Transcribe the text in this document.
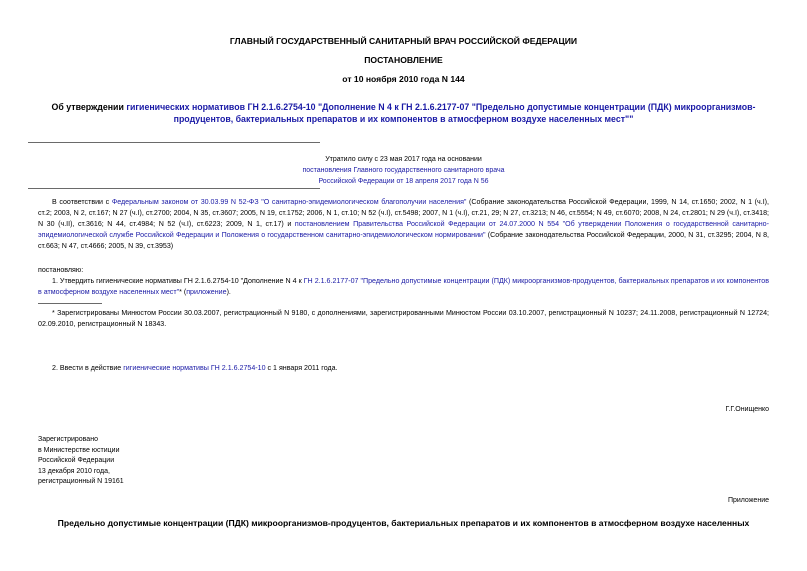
ГЛАВНЫЙ ГОСУДАРСТВЕННЫЙ САНИТАРНЫЙ ВРАЧ РОССИЙСКОЙ ФЕДЕРАЦИИ
ПОСТАНОВЛЕНИЕ
от 10 ноября 2010 года N 144
Об утверждении гигиенических нормативов ГН 2.1.6.2754-10 "Дополнение N 4 к ГН 2.1.6.2177-07 "Предельно допустимые концентрации (ПДК) микроорганизмов-
продуцентов, бактериальных препаратов и их компонентов в атмосферном воздухе населенных мест""
Утратило силу с 23 мая 2017 года на основании
постановления Главного государственного санитарного врача
Российской Федерации от 18 апреля 2017 года N 56
В соответствии с Федеральным законом от 30.03.99 N 52-ФЗ "О санитарно-эпидемиологическом благополучии населения" (Собрание законодательства Российской Федерации, 1999, N 14, ст.1650; 2002, N 1 (ч.I), ст.2; 2003, N 2, ст.167; N 27 (ч.I), ст.2700; 2004, N 35, ст.3607; 2005, N 19, ст.1752; 2006, N 1, ст.10; N 52 (ч.I), ст.5498; 2007, N 1 (ч.I), ст.21, 29; N 27, ст.3213; N 46, ст.5554; N 49, ст.6070; 2008, N 24, ст.2801; N 29 (ч.I), ст.3418; N 30 (ч.II), ст.3616; N 44, ст.4984; N 52 (ч.I), ст.6223; 2009, N 1, ст.17) и постановлением Правительства Российской Федерации от 24.07.2000 N 554 "Об утверждении Положения о государственной санитарно-эпидемиологической службе Российской Федерации и Положения о государственном санитарно-эпидемиологическом нормировании" (Собрание законодательства Российской Федерации, 2000, N 31, ст.3295; 2004, N 8, ст.663; N 47, ст.4666; 2005, N 39, ст.3953)
постановляю:
1. Утвердить гигиенические нормативы ГН 2.1.6.2754-10 "Дополнение N 4 к ГН 2.1.6.2177-07 "Предельно допустимые концентрации (ПДК) микроорганизмов-продуцентов, бактериальных препаратов и их компонентов в атмосферном воздухе населенных мест"* (приложение).
* Зарегистрированы Минюстом России 30.03.2007, регистрационный N 9180, с дополнениями, зарегистрированными Минюстом России 03.10.2007, регистрационный N 10237; 24.11.2008, регистрационный N 12724; 02.09.2010, регистрационный N 18343.
2. Ввести в действие гигиенические нормативы ГН 2.1.6.2754-10 с 1 января 2011 года.
Г.Г.Онищенко
Зарегистрировано
в Министерстве юстиции
Российской Федерации
13 декабря 2010 года,
регистрационный N 19161
Приложение
Предельно допустимые концентрации (ПДК) микроорганизмов-продуцентов, бактериальных препаратов и их компонентов в атмосферном воздухе населенных
